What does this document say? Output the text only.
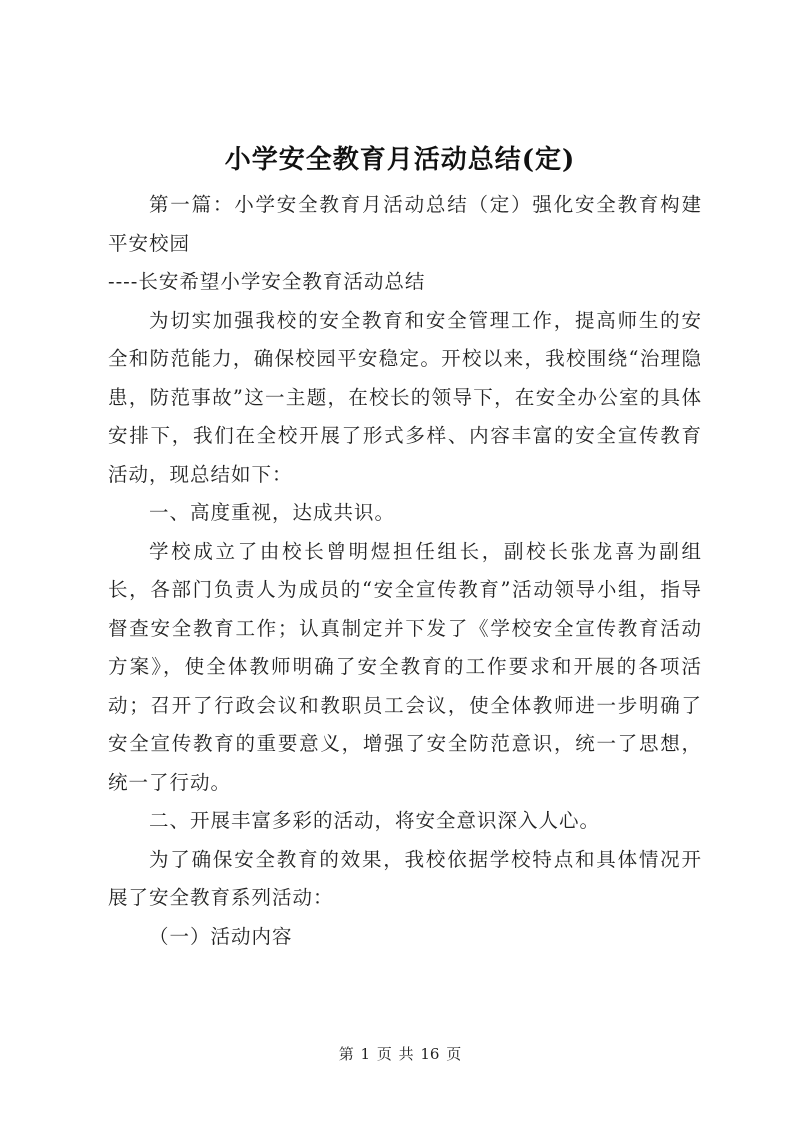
小学安全教育月活动总结(定)

第一篇：小学安全教育月活动总结（定）强化安全教育构建平安校园

----长安希望小学安全教育活动总结

为切实加强我校的安全教育和安全管理工作，提高师生的安全和防范能力，确保校园平安稳定。开校以来，我校围绕“治理隐患，防范事故”这一主题，在校长的领导下，在安全办公室的具体安排下，我们在全校开展了形式多样、内容丰富的安全宣传教育活动，现总结如下：

一、高度重视，达成共识。

学校成立了由校长曾明煜担任组长，副校长张龙喜为副组长，各部门负责人为成员的“安全宣传教育”活动领导小组，指导督查安全教育工作；认真制定并下发了《学校安全宣传教育活动方案》，使全体教师明确了安全教育的工作要求和开展的各项活动；召开了行政会议和教职员工会议，使全体教师进一步明确了安全宣传教育的重要意义，增强了安全防范意识，统一了思想，统一了行动。

二、开展丰富多彩的活动，将安全意识深入人心。

为了确保安全教育的效果，我校依据学校特点和具体情况开展了安全教育系列活动：

（一）活动内容

第 1 页 共 16 页
